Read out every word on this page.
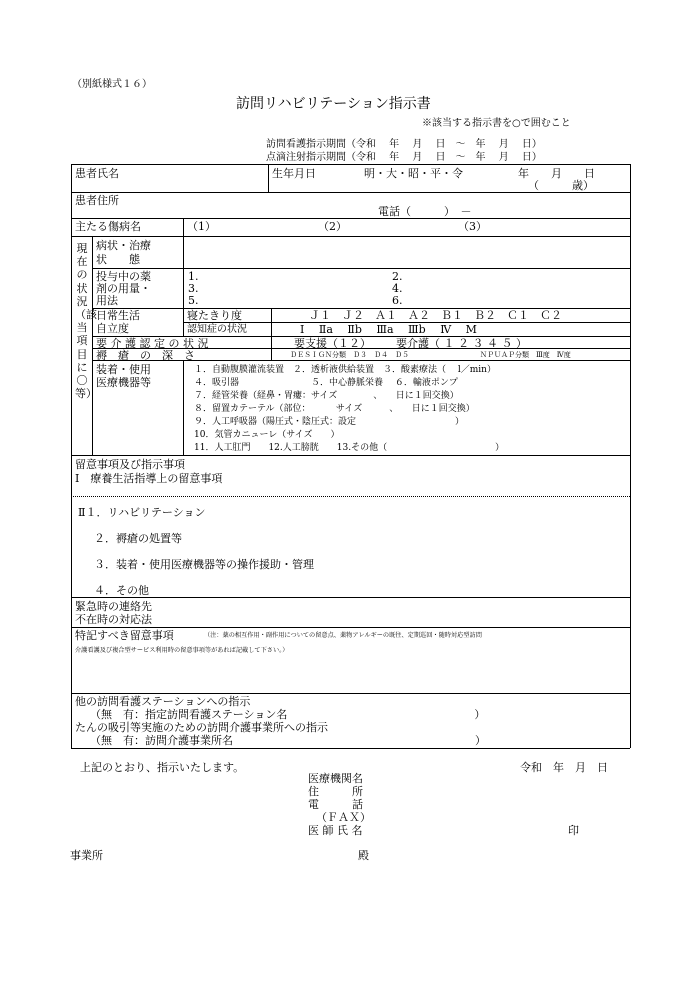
（別紙様式１６）
訪問リハビリテーション指示書
※該当する指示書を○で囲むこと
訪問看護指示期間（令和　 年　 月　 日　～　年　 月　 日）
点滴注射指示期間（令和　 年　 月　 日　～　年　 月　 日）
患者氏名	生年月日	明・大・昭・平・令	年　　月　　日
（　　　歳）
患者住所
電話（　　　）　－
主たる傷病名	（1）	（2）	（3）
現在の状況（該当項目に〇等）
病状・治療
状　　態
投与中の薬
剤の用量・
用法
1.	2.
3.	4.
5.	6.
日常生活
自立度
寝たきり度	Ｊ１　Ｊ２　Ａ１　Ａ２　Ｂ１　Ｂ２　Ｃ１　Ｃ２
認知症の状況	Ⅰ　 Ⅱa　 Ⅱb　 Ⅲa　 Ⅲb　 Ⅳ　 M
要 介 護 認 定 の 状 況	要支援（１２） 要介護（ １ ２ ３ ４ ５ ）
褥　瘡　の　深　さ	ＤＥＳＩＧＮ分類　Ｄ３　Ｄ４　Ｄ５	ＮＰＵＡＰ分類　Ⅲ度　Ⅳ度
装着・使用
医療機器等
１．自動腹膜灌流装置　２．透析液供給装置　３．酸素療法（　 l／min）
４．吸引器　　　　　　　　５．中心静脈栄養　 ６．輸液ポンプ
７．経管栄養（経鼻・胃瘻：サイズ　　　　、　　日に１回交換）
８．留置カテーテル（部位：　　　 サイズ　　　、　　日に１回交換）
９．人工呼吸器（陽圧式・陰圧式：設定　　　　　　　　　　　）
10．気管カニューレ（サイズ　　）
11．人工肛門　　12.人工膀胱　　13.その他（　　　　　　　　　　　　）
留意事項及び指示事項
Ⅰ　療養生活指導上の留意事項
Ⅱ１．リハビリテーション
２．褥瘡の処置等
３．装着・使用医療機器等の操作援助・管理
４．その他
緊急時の連絡先
不在時の対応法
特記すべき留意事項	（注：薬の相互作用・副作用についての留意点、薬物アレルギーの既往、定期巡回・随時対応型訪問
介護看護及び複合型サービス利用時の留意事項等があれば記載して下さい。）
他の訪問看護ステーションへの指示
（無　有：指定訪問看護ステーション名　　　　　　　　　　　　　　　　　）
たんの吸引等実施のための訪問介護事業所への指示
（無　有：訪問介護事業所名　　　　　　　　　　　　　　　　　　　　　　）
上記のとおり、指示いたします。	令和　年　月　日
医療機関名
住　　　所
電　　　話
（ＦＡＸ）
医 師 氏 名	印
事業所	殿
